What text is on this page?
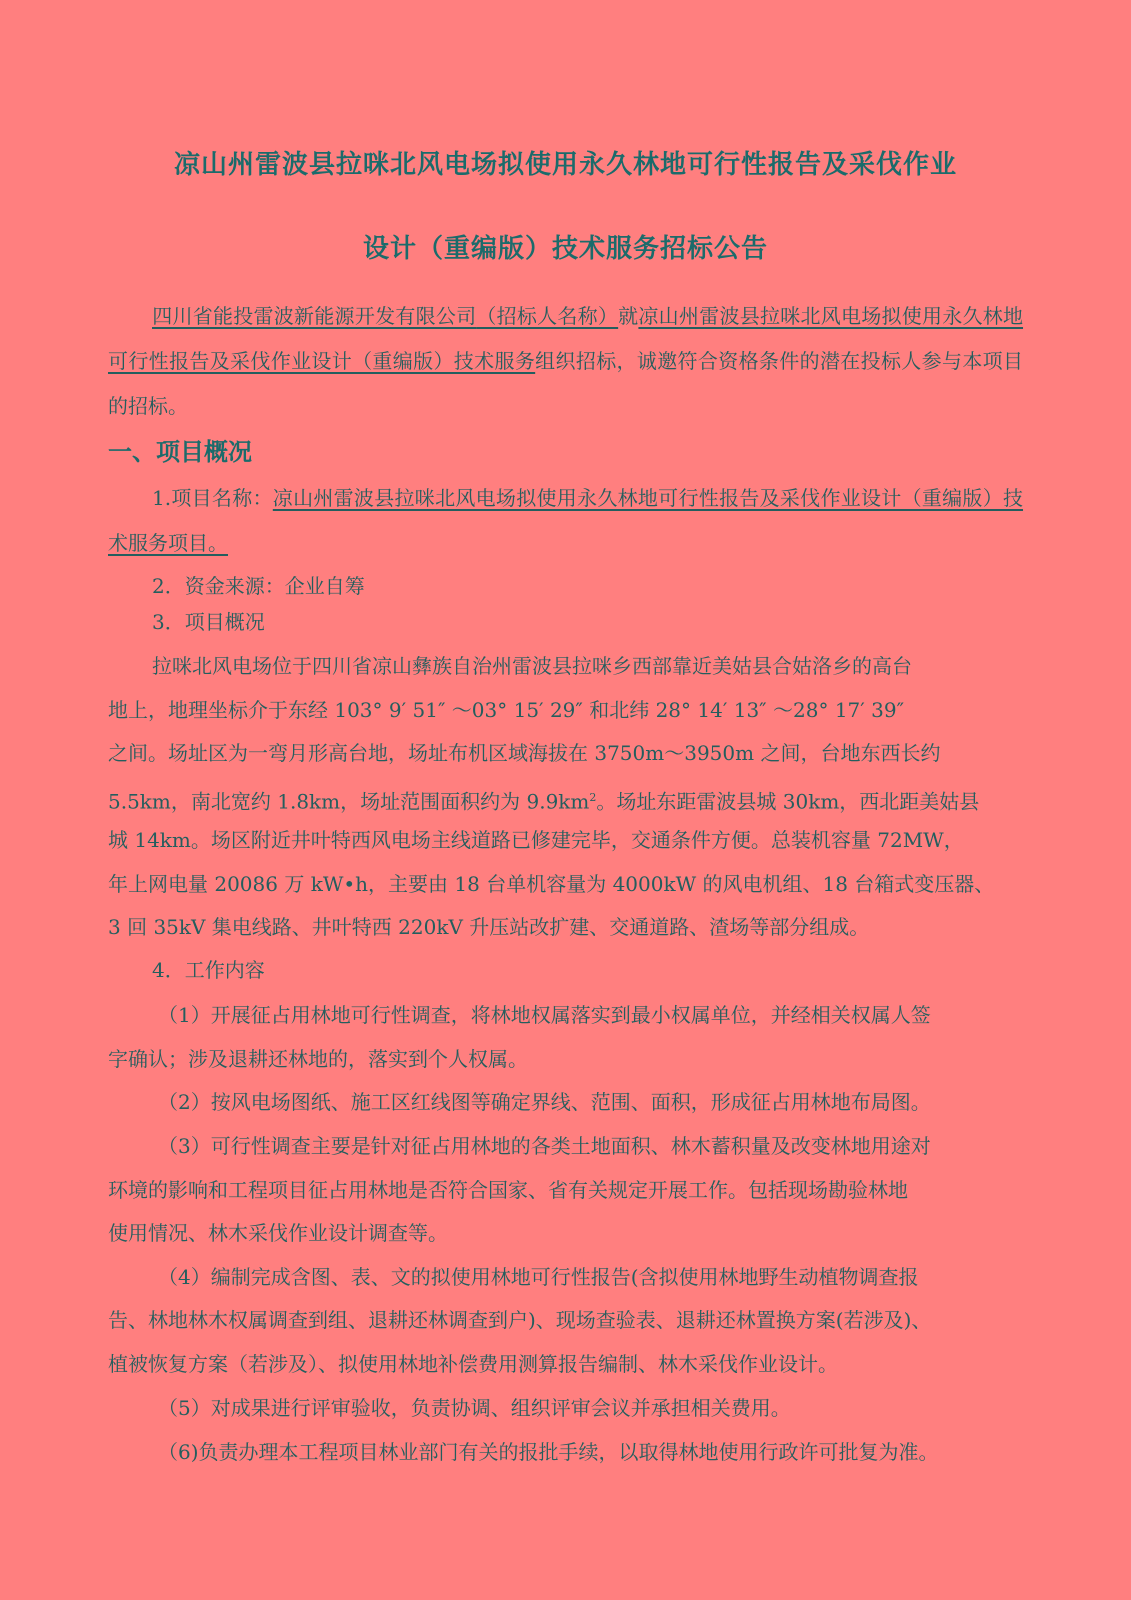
凉山州雷波县拉咪北风电场拟使用永久林地可行性报告及采伐作业
设计（重编版）技术服务招标公告
四川省能投雷波新能源开发有限公司（招标人名称）就凉山州雷波县拉咪北风电场拟使用永久林地可行性报告及采伐作业设计（重编版）技术服务组织招标，诚邀符合资格条件的潜在投标人参与本项目的招标。
一、项目概况
1.项目名称：凉山州雷波县拉咪北风电场拟使用永久林地可行性报告及采伐作业设计（重编版）技术服务项目。
2．资金来源：企业自筹
3．项目概况
拉咪北风电场位于四川省凉山彝族自治州雷波县拉咪乡西部靠近美姑县合姑洛乡的高台
地上，地理坐标介于东经 103° 9′ 51″ ～03° 15′ 29″ 和北纬 28° 14′ 13″ ～28° 17′ 39″
之间。场址区为一弯月形高台地，场址布机区域海拔在 3750m～3950m 之间，台地东西长约
5.5km，南北宽约 1.8km，场址范围面积约为 $9.9km^2$。场址东距雷波县城 30km，西北距美姑县
城 14km。场区附近井叶特西风电场主线道路已修建完毕，交通条件方便。总装机容量 72MW，
年上网电量 20086 万 kW•h，主要由 18 台单机容量为 4000kW 的风电机组、18 台箱式变压器、
3 回 35kV 集电线路、井叶特西 220kV 升压站改扩建、交通道路、渣场等部分组成。
4．工作内容
（1）开展征占用林地可行性调查，将林地权属落实到最小权属单位，并经相关权属人签
字确认；涉及退耕还林地的，落实到个人权属。
（2）按风电场图纸、施工区红线图等确定界线、范围、面积，形成征占用林地布局图。
（3）可行性调查主要是针对征占用林地的各类土地面积、林木蓄积量及改变林地用途对
环境的影响和工程项目征占用林地是否符合国家、省有关规定开展工作。包括现场勘验林地
使用情况、林木采伐作业设计调查等。
（4）编制完成含图、表、文的拟使用林地可行性报告(含拟使用林地野生动植物调查报
告、林地林木权属调查到组、退耕还林调查到户)、现场查验表、退耕还林置换方案(若涉及)、
植被恢复方案（若涉及）、拟使用林地补偿费用测算报告编制、林木采伐作业设计。
（5）对成果进行评审验收，负责协调、组织评审会议并承担相关费用。
（6)负责办理本工程项目林业部门有关的报批手续，以取得林地使用行政许可批复为准。
